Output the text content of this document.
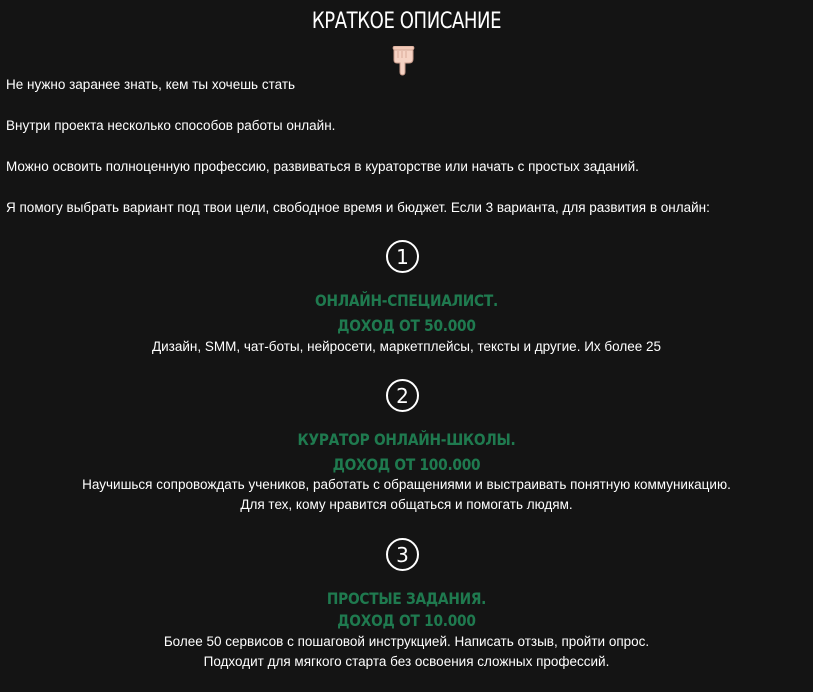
КРАТКОЕ ОПИСАНИЕ
Не нужно заранее знать, кем ты хочешь стать
Внутри проекта несколько способов работы онлайн.
Можно освоить полноценную профессию, развиваться в кураторстве или начать с простых заданий.
Я помогу выбрать вариант под твои цели, свободное время и бюджет. Если 3 варианта, для развития в онлайн:
1
ОНЛАЙН-СПЕЦИАЛИСТ.
ДОХОД ОТ 50.000
Дизайн, SMM, чат-боты, нейросети, маркетплейсы, тексты и другие. Их более 25
2
КУРАТОР ОНЛАЙН-ШКОЛЫ.
ДОХОД ОТ 100.000
Научишься сопровождать учеников, работать с обращениями и выстраивать понятную коммуникацию.
Для тех, кому нравится общаться и помогать людям.
3
ПРОСТЫЕ ЗАДАНИЯ.
ДОХОД ОТ 10.000
Более 50 сервисов с пошаговой инструкцией. Написать отзыв, пройти опрос.
Подходит для мягкого старта без освоения сложных профессий.
